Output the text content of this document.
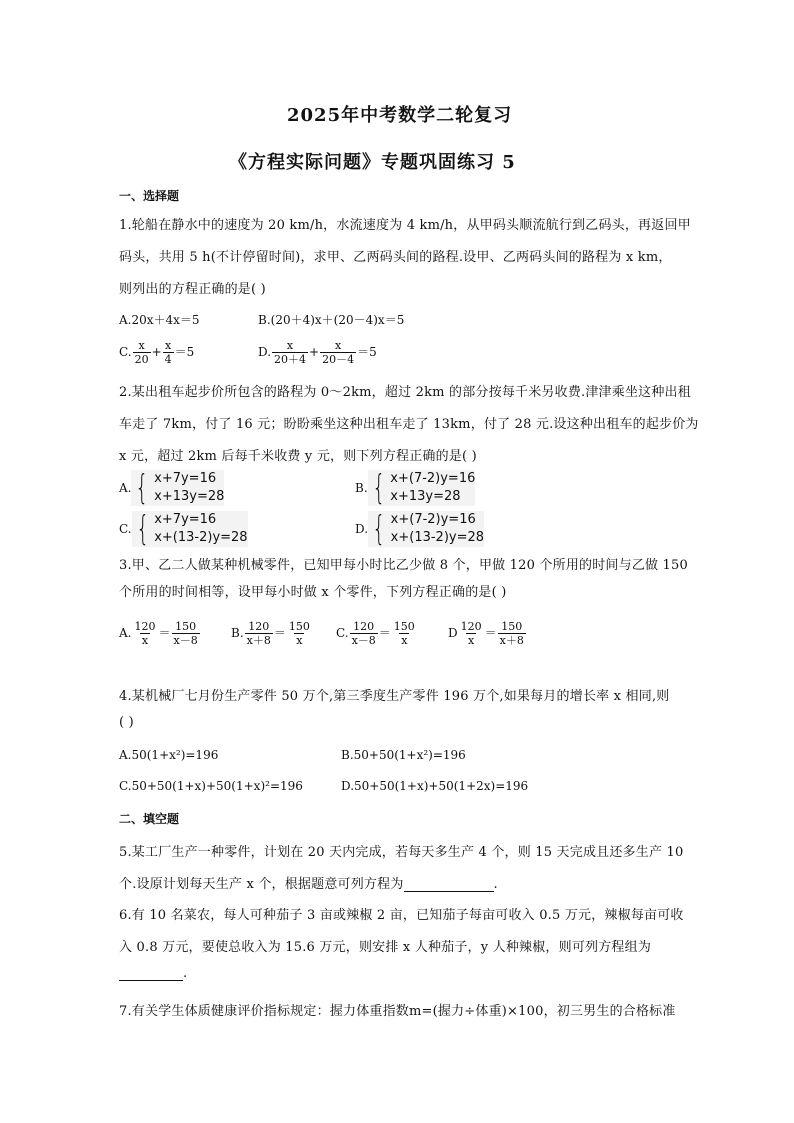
2025年中考数学二轮复习
《方程实际问题》专题巩固练习 5
一、选择题
1.轮船在静水中的速度为 20 km/h，水流速度为 4 km/h，从甲码头顺流航行到乙码头，再返回甲
码头，共用 5 h(不计停留时间)，求甲、乙两码头间的路程.设甲、乙两码头间的路程为 x km，
则列出的方程正确的是( )
A.20x＋4x＝5	B.(20＋4)x＋(20－4)x＝5
C. $\frac{x}{20} + \frac{x}{4} =5$	D. $\frac{x}{20+4} + \frac{x}{20-4} =5$
2.某出租车起步价所包含的路程为 0～2km，超过 2km 的部分按每千米另收费.津津乘坐这种出租
车走了 7km，付了 16 元；盼盼乘坐这种出租车走了 13km，付了 28 元.设这种出租车的起步价为
x 元，超过 2km 后每千米收费 y 元，则下列方程正确的是( )
A. { x+7y=16
x+13y=28
B. { x+(7-2)y=16
x+13y=28
C. { x+7y=16
x+(13-2)y=28
D. { x+(7-2)y=16
x+(13-2)y=28
3.甲、乙二人做某种机械零件，已知甲每小时比乙少做 8 个，甲做 120 个所用的时间与乙做 150
个所用的时间相等，设甲每小时做 x 个零件，下列方程正确的是( )
A. $\frac{120}{x} = \frac{150}{x-8}$	B. $\frac{120}{x+8} = \frac{150}{x} C$. $\frac{120}{x-8} = \frac{150}{x}$	D $\frac{120}{x} = \frac{150}{x+8}$
4.某机械厂七月份生产零件 50 万个,第三季度生产零件 196 万个,如果每月的增长率 x 相同,则
( )
A.50(1+x²)=196	B.50+50(1+x²)=196
C.50+50(1+x)+50(1+x)²=196	D.50+50(1+x)+50(1+2x)=196
二、填空题
5.某工厂生产一种零件，计划在 20 天内完成，若每天多生产 4 个，则 15 天完成且还多生产 10
个.设原计划每天生产 x 个，根据题意可列方程为	.
6.有 10 名菜农，每人可种茄子 3 亩或辣椒 2 亩，已知茄子每亩可收入 0.5 万元，辣椒每亩可收
入 0.8 万元，要使总收入为 15.6 万元，则安排 x 人种茄子，y 人种辣椒，则可列方程组为
.
7.有关学生体质健康评价指标规定：握力体重指数m=(握力÷体重)×100，初三男生的合格标准
